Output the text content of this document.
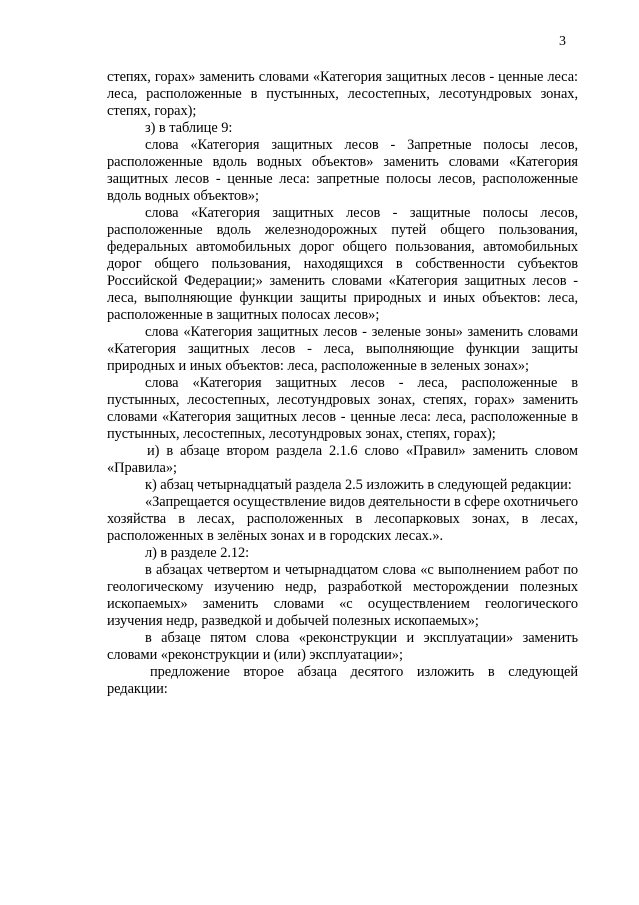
3

степях, горах» заменить словами «Категория защитных лесов - ценные леса: леса, расположенные в пустынных, лесостепных, лесотундровых зонах, степях, горах);

з) в таблице 9:

слова «Категория защитных лесов - Запретные полосы лесов, расположенные вдоль водных объектов» заменить словами «Категория защитных лесов - ценные леса: запретные полосы лесов, расположенные вдоль водных объектов»;

слова «Категория защитных лесов - защитные полосы лесов, расположенные вдоль железнодорожных путей общего пользования, федеральных автомобильных дорог общего пользования, автомобильных дорог общего пользования, находящихся в собственности субъектов Российской Федерации;» заменить словами «Категория защитных лесов - леса, выполняющие функции защиты природных и иных объектов: леса, расположенные в защитных полосах лесов»;

слова «Категория защитных лесов - зеленые зоны» заменить словами «Категория защитных лесов - леса, выполняющие функции защиты природных и иных объектов: леса, расположенные в зеленых зонах»;

слова «Категория защитных лесов - леса, расположенные в пустынных, лесостепных, лесотундровых зонах, степях, горах» заменить словами «Категория защитных лесов - ценные леса: леса, расположенные в пустынных, лесостепных, лесотундровых зонах, степях, горах);

и) в абзаце втором раздела 2.1.6 слово «Правил» заменить словом «Правила»;

к) абзац четырнадцатый раздела 2.5 изложить в следующей редакции:

«Запрещается осуществление видов деятельности в сфере охотничьего хозяйства в лесах, расположенных в лесопарковых зонах, в лесах, расположенных в зелёных зонах и в городских лесах.».

л) в разделе 2.12:

в абзацах четвертом и четырнадцатом слова «с выполнением работ по геологическому изучению недр, разработкой месторождении полезных ископаемых» заменить словами «с осуществлением геологического изучения недр, разведкой и добычей полезных ископаемых»;

в абзаце пятом слова «реконструкции и эксплуатации» заменить словами «реконструкции и (или) эксплуатации»;

предложение второе абзаца десятого изложить в следующей редакции:
